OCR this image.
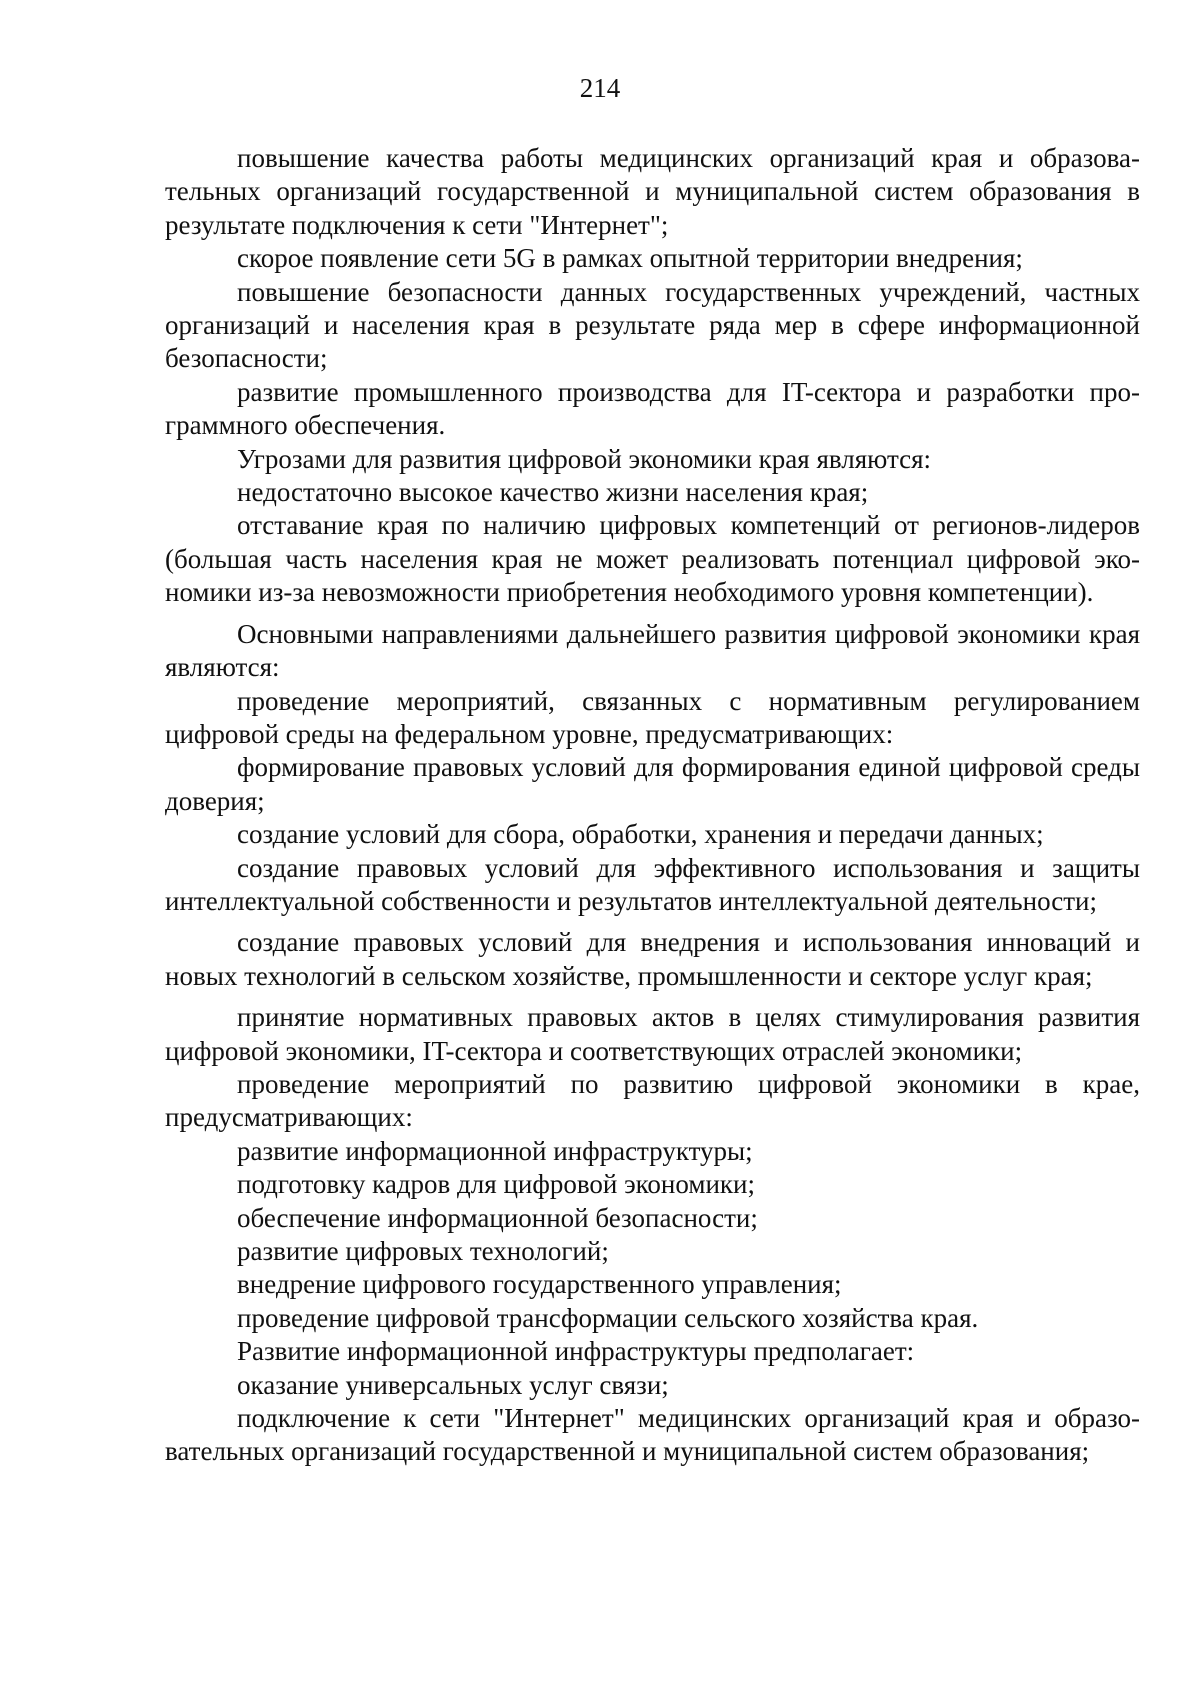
214

повышение качества работы медицинских организаций края и образовательных организаций государственной и муниципальной систем образования в результате подключения к сети "Интернет";

скорое появление сети 5G в рамках опытной территории внедрения;

повышение безопасности данных государственных учреждений, частных организаций и населения края в результате ряда мер в сфере информационной безопасности;

развитие промышленного производства для IT-сектора и разработки программного обеспечения.

Угрозами для развития цифровой экономики края являются:

недостаточно высокое качество жизни населения края;

отставание края по наличию цифровых компетенций от регионов-лидеров (большая часть населения края не может реализовать потенциал цифровой экономики из-за невозможности приобретения необходимого уровня компетенции).

Основными направлениями дальнейшего развития цифровой экономики края являются:

проведение мероприятий, связанных с нормативным регулированием цифровой среды на федеральном уровне, предусматривающих:

формирование правовых условий для формирования единой цифровой среды доверия;

создание условий для сбора, обработки, хранения и передачи данных;

создание правовых условий для эффективного использования и защиты интеллектуальной собственности и результатов интеллектуальной деятельности;

создание правовых условий для внедрения и использования инноваций и новых технологий в сельском хозяйстве, промышленности и секторе услуг края;

принятие нормативных правовых актов в целях стимулирования развития цифровой экономики, IT-сектора и соответствующих отраслей экономики;

проведение мероприятий по развитию цифровой экономики в крае, предусматривающих:

развитие информационной инфраструктуры;

подготовку кадров для цифровой экономики;

обеспечение информационной безопасности;

развитие цифровых технологий;

внедрение цифрового государственного управления;

проведение цифровой трансформации сельского хозяйства края.

Развитие информационной инфраструктуры предполагает:

оказание универсальных услуг связи;

подключение к сети "Интернет" медицинских организаций края и образовательных организаций государственной и муниципальной систем образования;
